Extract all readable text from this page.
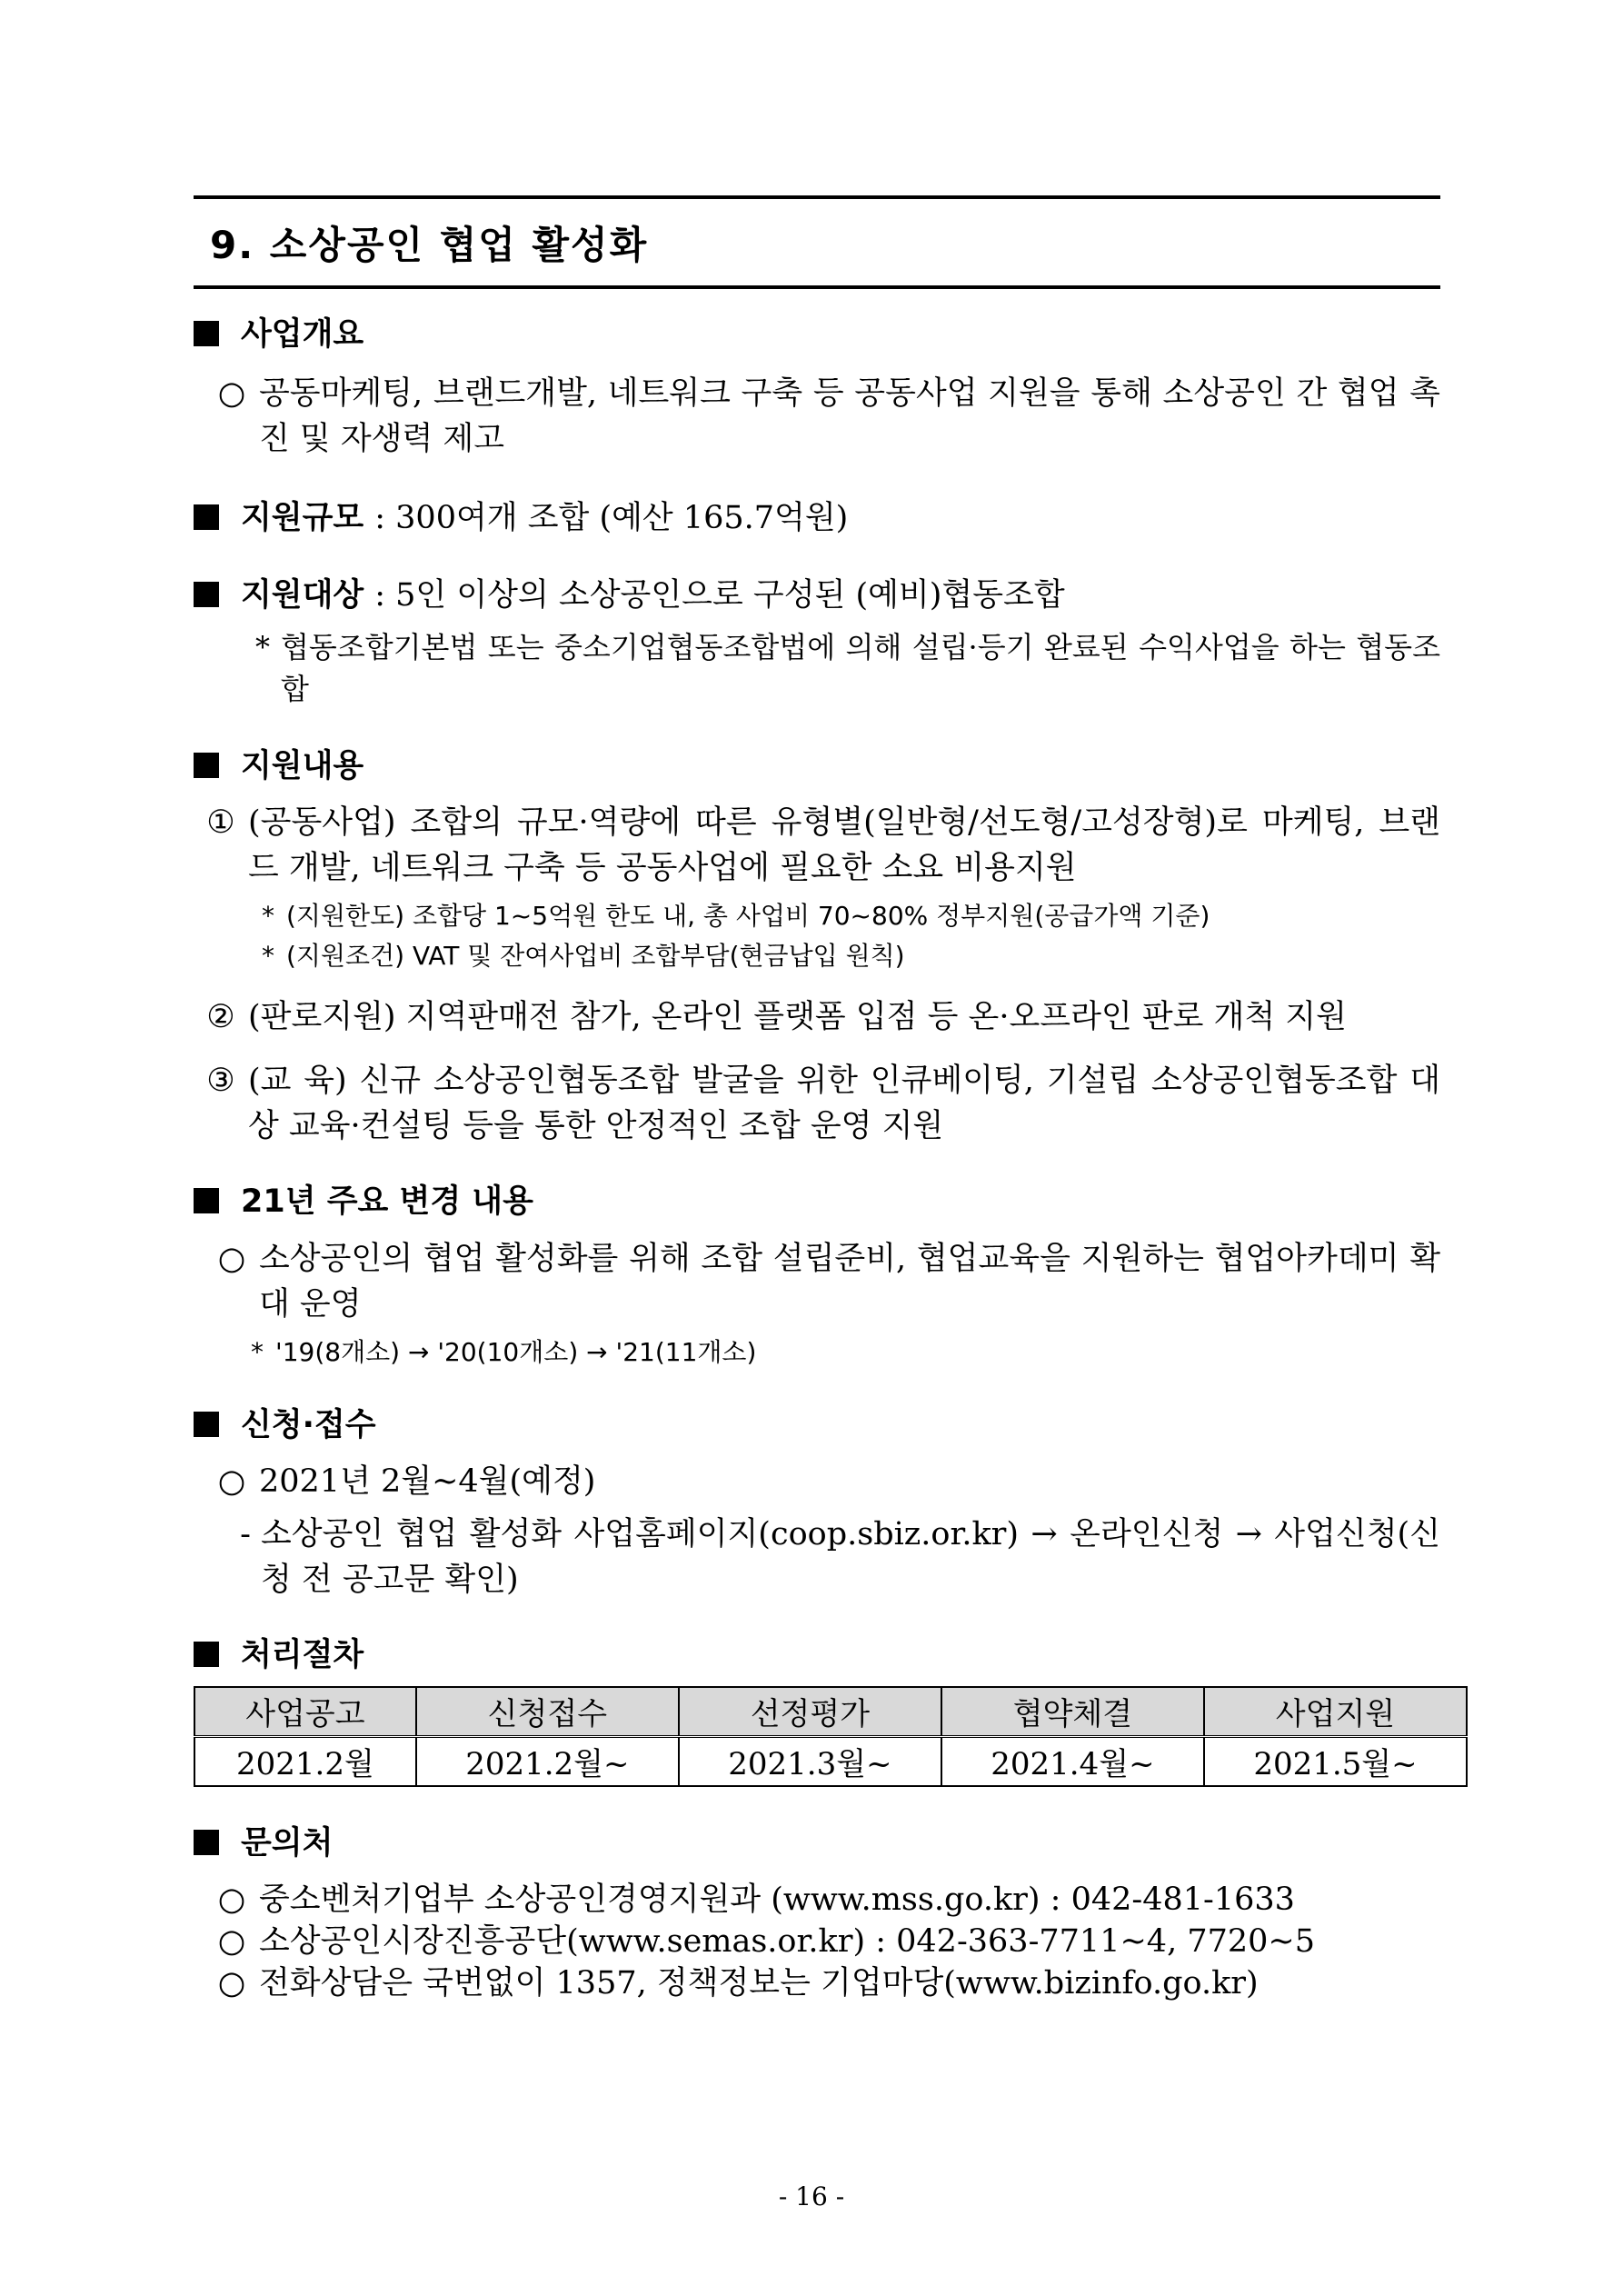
9. 소상공인 협업 활성화
사업개요
○ 공동마케팅, 브랜드개발, 네트워크 구축 등 공동사업 지원을 통해 소상공인 간 협업 촉진 및 자생력 제고
지원규모 : 300여개 조합 (예산 165.7억원)
지원대상 : 5인 이상의 소상공인으로 구성된 (예비)협동조합
* 협동조합기본법 또는 중소기업협동조합법에 의해 설립·등기 완료된 수익사업을 하는 협동조합
지원내용
① (공동사업) 조합의 규모·역량에 따른 유형별(일반형/선도형/고성장형)로 마케팅, 브랜드 개발, 네트워크 구축 등 공동사업에 필요한 소요 비용지원
* (지원한도) 조합당 1~5억원 한도 내, 총 사업비 70~80% 정부지원(공급가액 기준)
* (지원조건) VAT 및 잔여사업비 조합부담(현금납입 원칙)
② (판로지원) 지역판매전 참가, 온라인 플랫폼 입점 등 온·오프라인 판로 개척 지원
③ (교 육) 신규 소상공인협동조합 발굴을 위한 인큐베이팅, 기설립 소상공인협동조합 대상 교육·컨설팅 등을 통한 안정적인 조합 운영 지원
21년 주요 변경 내용
○ 소상공인의 협업 활성화를 위해 조합 설립준비, 협업교육을 지원하는 협업아카데미 확대 운영
* '19(8개소) → '20(10개소) → '21(11개소)
신청·접수
○ 2021년 2월~4월(예정)
- 소상공인 협업 활성화 사업홈페이지(coop.sbiz.or.kr) → 온라인신청 → 사업신청(신청 전 공고문 확인)
처리절차
사업공고	신청접수	선정평가	협약체결	사업지원
2021.2월	2021.2월~	2021.3월~	2021.4월~	2021.5월~
문의처
○ 중소벤처기업부 소상공인경영지원과 (www.mss.go.kr) : 042-481-1633
○ 소상공인시장진흥공단(www.semas.or.kr) : 042-363-7711~4, 7720~5
○ 전화상담은 국번없이 1357, 정책정보는 기업마당(www.bizinfo.go.kr)
- 16 -
